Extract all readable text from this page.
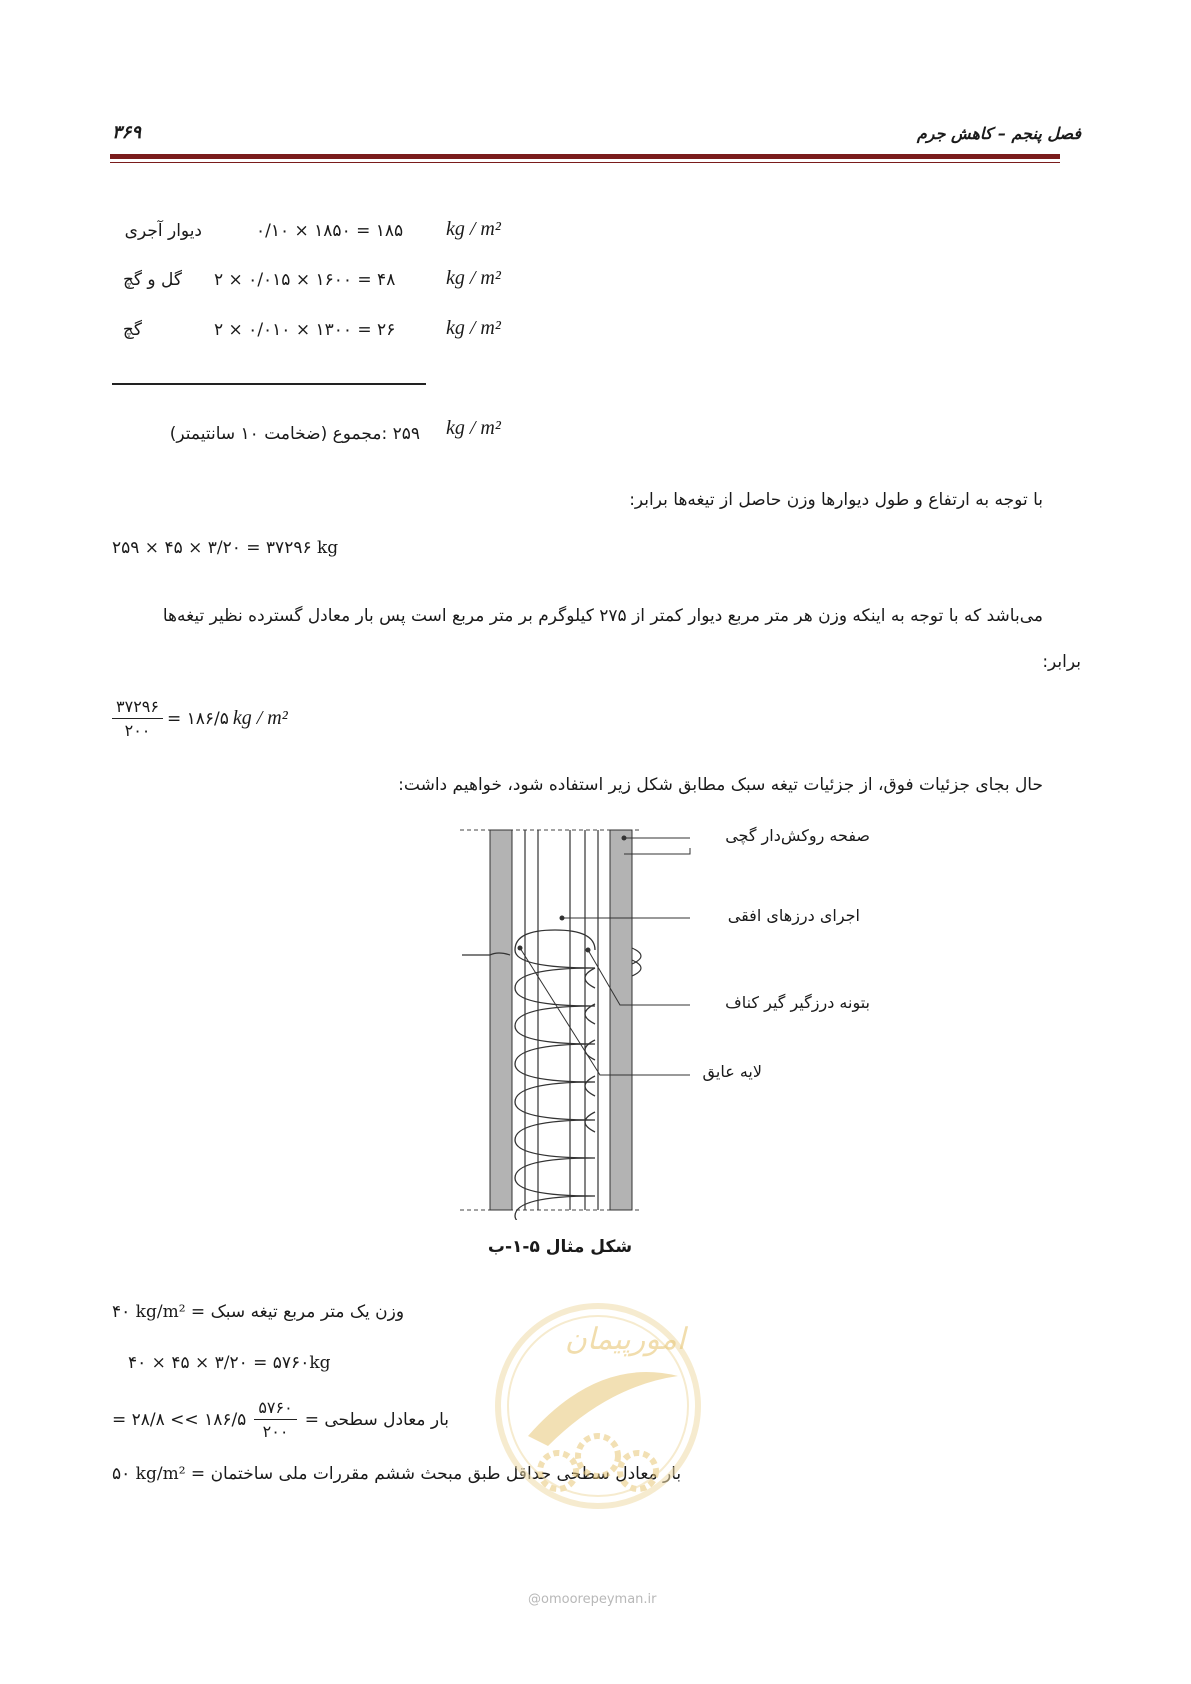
فصل پنجم – کاهش جرم
۳۶۹
دیوار آجری	۰/۱۰ × ۱۸۵۰ = ۱۸۵ kg / m²
گل و گچ ۲ × ۰/۰۱۵ × ۱۶۰۰ = ۴۸	kg / m²
گچ	۲ × ۰/۰۱۰ × ۱۳۰۰ = ۲۶	kg / m²
۲۵۹ :مجموع (ضخامت ۱۰ سانتیمتر) kg / m²
با توجه به ارتفاع و طول دیوارها وزن حاصل از تیغه‌ها برابر:
۲۵۹ × ۴۵ × ۳/۲۰ = ۳۷۲۹۶ kg
می‌باشد که با توجه به اینکه وزن هر متر مربع دیوار کمتر از ۲۷۵ کیلوگرم بر متر مربع است پس بار معادل گسترده نظیر تیغه‌ها
برابر:
$\frac{۳۷۲۹۶}{۲۰۰}$ = ۱۸۶/۵ kg / m²
حال بجای جزئیات فوق، از جزئیات تیغه سبک مطابق شکل زیر استفاده شود، خواهیم داشت:
صفحه روکش‌دار گچی
اجرای درزهای افقی
بتونه درزگیر گیر کناف
لایه عایق
شکل مثال ۵-۱-ب
۴۰ kg/m² وزن یک متر مربع تیغه سبک =
۴۰ × ۴۵ × ۳/۲۰ = ۵۷۶۰kg
= ۲۸/۸ << ۱۸۶/۵ $\frac{۵۷۶۰}{۲۰۰}$ بار معادل سطحی =
۵۰ kg/m² بار معادل سطحی حداقل طبق مبحث ششم مقررات ملی ساختمان =
امورپیمان
@omoorepeyman.ir
